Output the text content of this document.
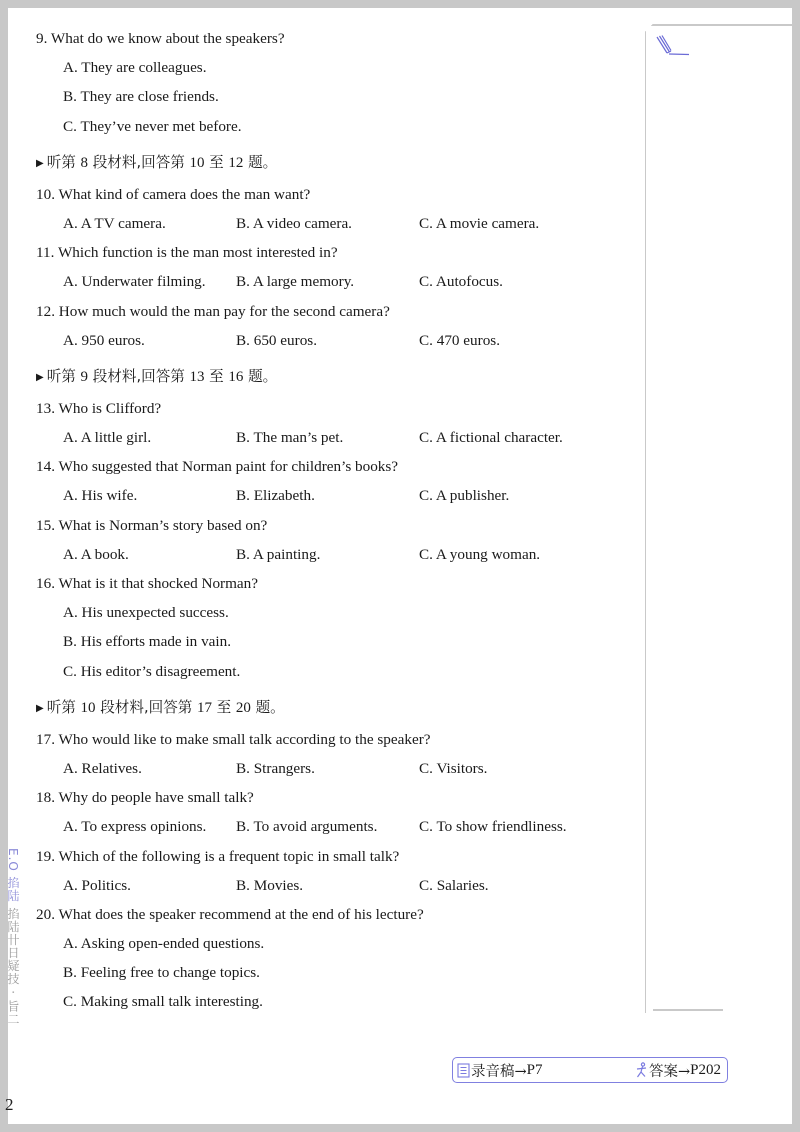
9. What do we know about the speakers?
A. They are colleagues.
B. They are close friends.
C. They’ve never met before.
▶ 听第 8 段材料,回答第 10 至 12 题。
10. What kind of camera does the man want?
A. A TV camera.	B. A video camera.	C. A movie camera.
11. Which function is the man most interested in?
A. Underwater filming.	B. A large memory.	C. Autofocus.
12. How much would the man pay for the second camera?
A. 950 euros.	B. 650 euros.	C. 470 euros.
▶ 听第 9 段材料,回答第 13 至 16 题。
13. Who is Clifford?
A. A little girl.	B. The man’s pet.	C. A fictional character.
14. Who suggested that Norman paint for children’s books?
A. His wife.	B. Elizabeth.	C. A publisher.
15. What is Norman’s story based on?
A. A book.	B. A painting.	C. A young woman.
16. What is it that shocked Norman?
A. His unexpected success.
B. His efforts made in vain.
C. His editor’s disagreement.
▶ 听第 10 段材料,回答第 17 至 20 题。
17. Who would like to make small talk according to the speaker?
A. Relatives.	B. Strangers.	C. Visitors.
18. Why do people have small talk?
A. To express opinions.	B. To avoid arguments.	C. To show friendliness.
19. Which of the following is a frequent topic in small talk?
A. Politics.	B. Movies.	C. Salaries.
20. What does the speaker recommend at the end of his lecture?
A. Asking open-ended questions.
B. Feeling free to change topics.
C. Making small talk interesting.
E.O 掐陆 掐陆卄日疑技 · 旨二
2
录音稿→ P7	答案→ P202
